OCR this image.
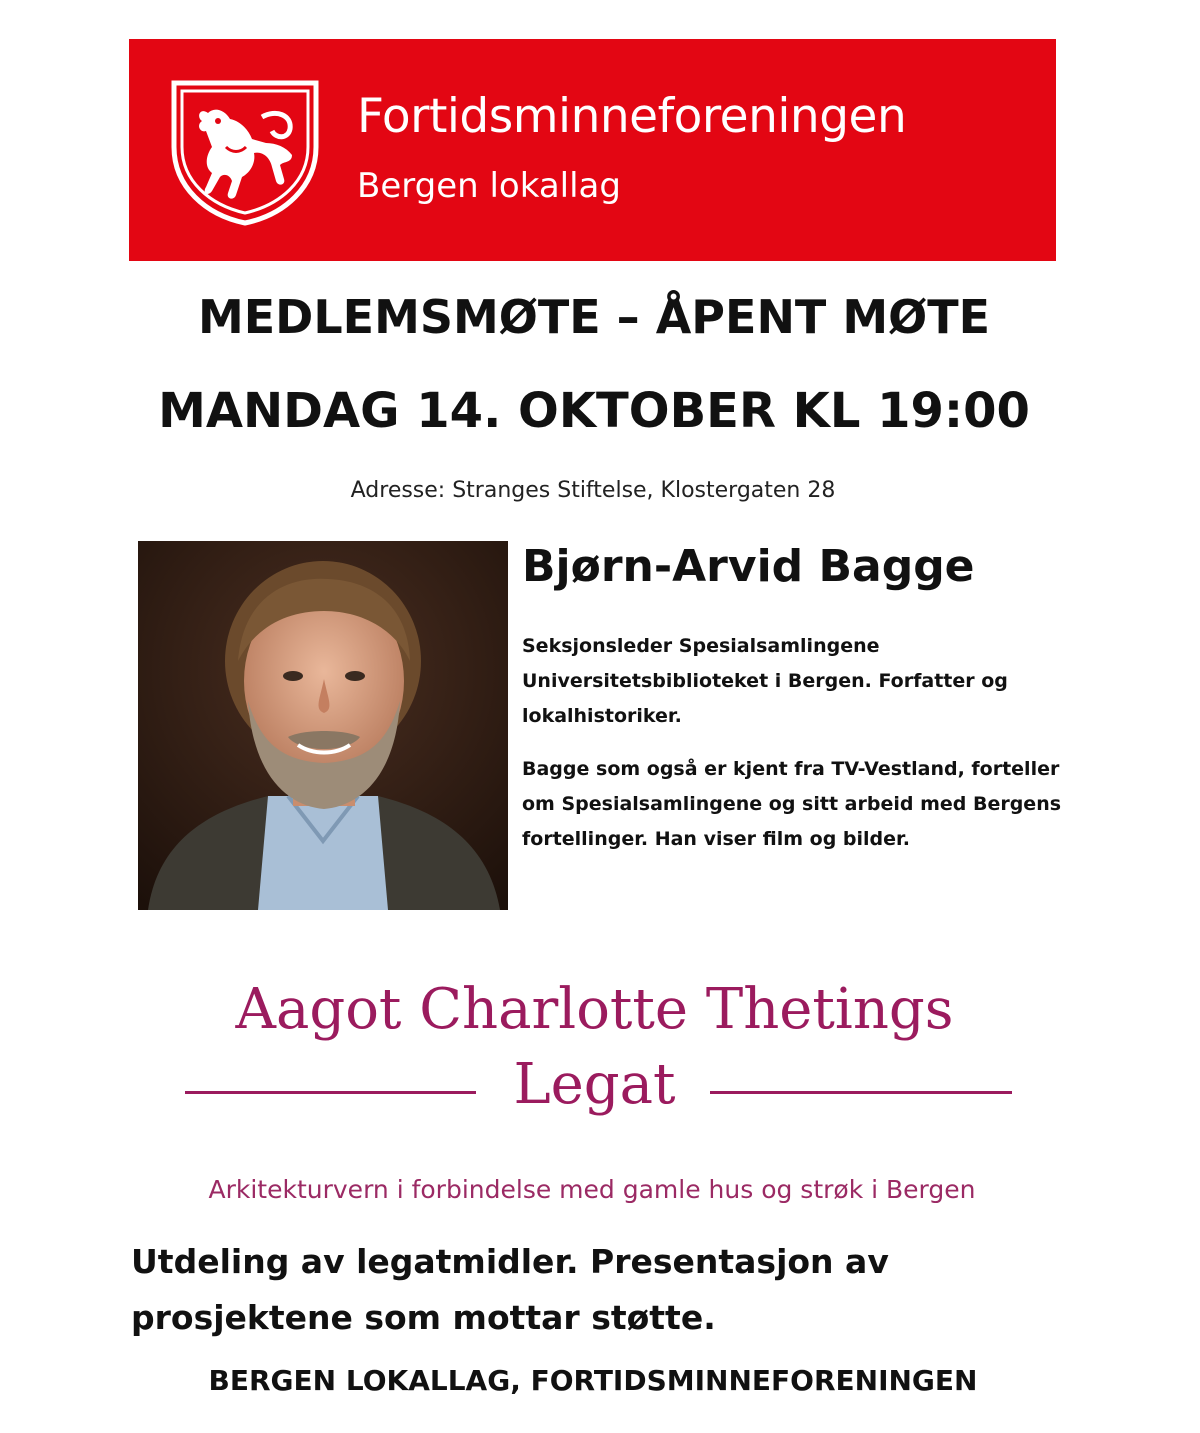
Fortidsminneforeningen
Bergen lokallag
MEDLEMSMØTE – ÅPENT MØTE
MANDAG 14. OKTOBER KL 19:00
Adresse: Stranges Stiftelse, Klostergaten 28
Bjørn-Arvid Bagge

Seksjonsleder Spesialsamlingene Universitetsbiblioteket i Bergen. Forfatter og lokalhistoriker.

Bagge som også er kjent fra TV-Vestland, forteller om Spesialsamlingene og sitt arbeid med Bergens fortellinger. Han viser film og bilder.

Aagot Charlotte Thetings
Legat
Arkitekturvern i forbindelse med gamle hus og strøk i Bergen

Utdeling av legatmidler. Presentasjon av prosjektene som mottar støtte.

BERGEN LOKALLAG, FORTIDSMINNEFORENINGEN
